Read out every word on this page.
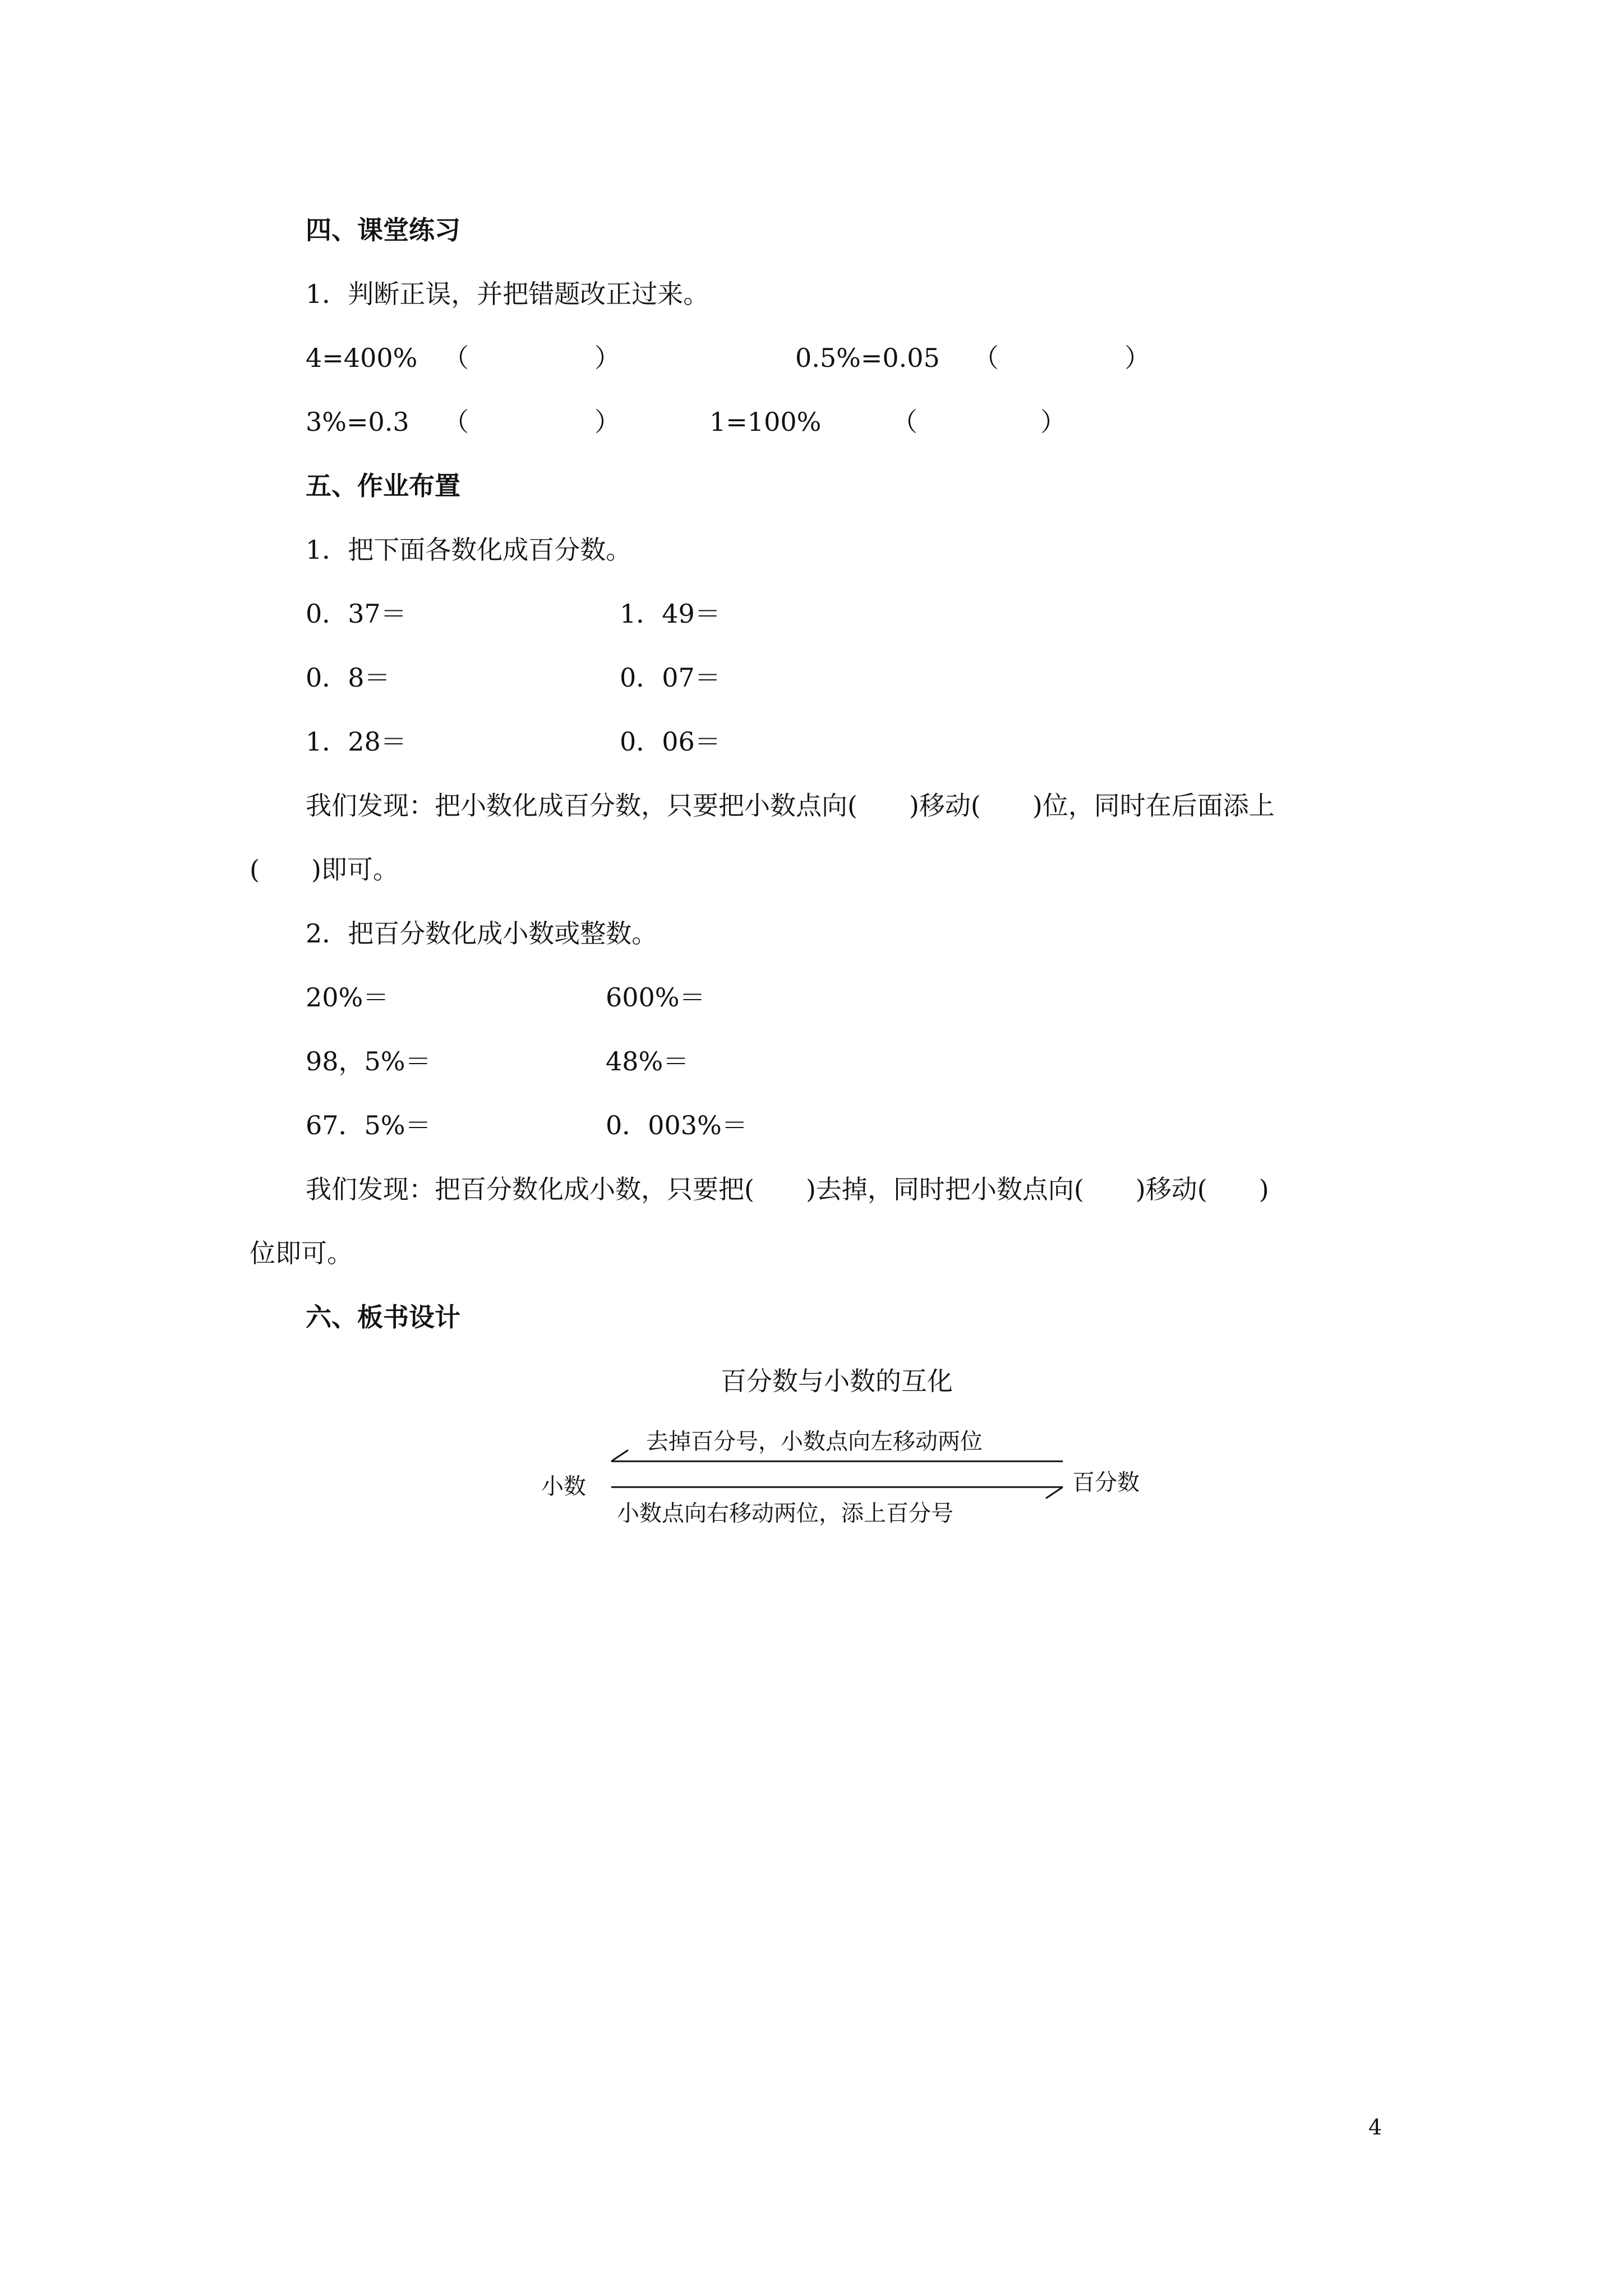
四、课堂练习
1．判断正误，并把错题改正过来。
4=400% （	）	0.5%=0.05 （	）
3%=0.3 （	）	1=100%	（	）
五、作业布置
1．把下面各数化成百分数。
0．37＝	1．49＝
0．8＝	0．07＝
1．28＝	0．06＝
我们发现：把小数化成百分数，只要把小数点向(　　)移动(　　)位，同时在后面添上
(　　)即可。
2．把百分数化成小数或整数。
20%＝	600%＝
98，5%＝	48%＝
67．5%＝	0．003%＝
我们发现：把百分数化成小数，只要把(　　)去掉，同时把小数点向(　　)移动(　　)
位即可。
六、板书设计
百分数与小数的互化
小数	百分数
去掉百分号，小数点向左移动两位
小数点向右移动两位，添上百分号
4
